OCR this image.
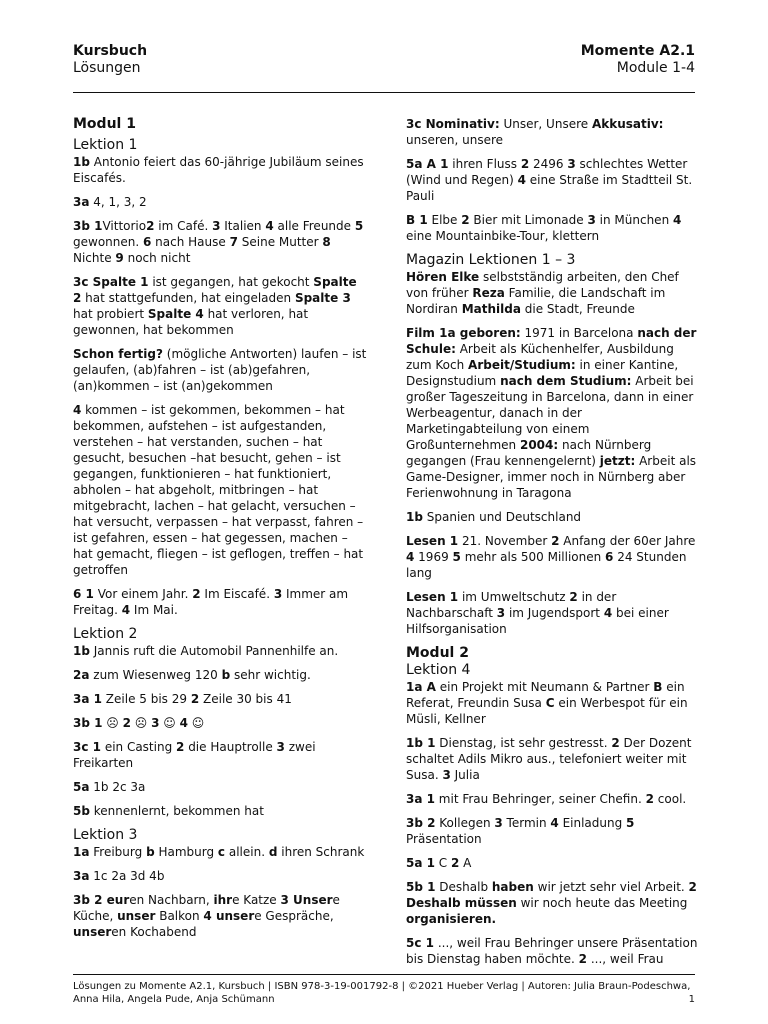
Kursbuch
Lösungen
Momente A2.1
Module 1-4
Modul 1
Lektion 1

1b Antonio feiert das 60-jährige Jubiläum seines Eiscafés.

3a 4, 1, 3, 2

3b 1Vittorio2 im Café. 3 Italien 4 alle Freunde 5 gewonnen. 6 nach Hause 7 Seine Mutter 8 Nichte 9 noch nicht

3c Spalte 1 ist gegangen, hat gekocht Spalte 2 hat stattgefunden, hat eingeladen Spalte 3 hat probiert Spalte 4 hat verloren, hat gewonnen, hat bekommen

Schon fertig? (mögliche Antworten) laufen – ist gelaufen, (ab)fahren – ist (ab)gefahren, (an)kommen – ist (an)gekommen

4 kommen – ist gekommen, bekommen – hat bekommen, aufstehen – ist aufgestanden, verstehen – hat verstanden, suchen – hat gesucht, besuchen –hat besucht, gehen – ist gegangen, funktionieren – hat funktioniert, abholen – hat abgeholt, mitbringen – hat mitgebracht, lachen – hat gelacht, versuchen – hat versucht, verpassen – hat verpasst, fahren – ist gefahren, essen – hat gegessen, machen – hat gemacht, fliegen – ist geflogen, treffen – hat getroffen

6 1 Vor einem Jahr. 2 Im Eiscafé. 3 Immer am Freitag. 4 Im Mai.

Lektion 2

1b Jannis ruft die Automobil Pannenhilfe an.

2a zum Wiesenweg 120 b sehr wichtig.

3a 1 Zeile 5 bis 29 2 Zeile 30 bis 41

3b 1 ☹ 2 ☹ 3 ☺ 4 ☺

3c 1 ein Casting 2 die Hauptrolle 3 zwei Freikarten

5a 1b 2c 3a

5b kennenlernt, bekommen hat

Lektion 3

1a Freiburg b Hamburg c allein. d ihren Schrank

3a 1c 2a 3d 4b

3b 2 euren Nachbarn, ihre Katze 3 Unsere Küche, unser Balkon 4 unsere Gespräche, unseren Kochabend

3c Nominativ: Unser, Unsere Akkusativ: unseren, unsere

5a A 1 ihren Fluss 2 2496 3 schlechtes Wetter (Wind und Regen) 4 eine Straße im Stadtteil St. Pauli

B 1 Elbe 2 Bier mit Limonade 3 in München 4 eine Mountainbike-Tour, klettern

Magazin Lektionen 1 – 3

Hören Elke selbstständig arbeiten, den Chef von früher Reza Familie, die Landschaft im Nordiran Mathilda die Stadt, Freunde

Film 1a geboren: 1971 in Barcelona nach der Schule: Arbeit als Küchenhelfer, Ausbildung zum Koch Arbeit/Studium: in einer Kantine, Designstudium nach dem Studium: Arbeit bei großer Tageszeitung in Barcelona, dann in einer Werbeagentur, danach in der Marketingabteilung von einem Großunternehmen 2004: nach Nürnberg gegangen (Frau kennengelernt) jetzt: Arbeit als Game-Designer, immer noch in Nürnberg aber Ferienwohnung in Taragona

1b Spanien und Deutschland

Lesen 1 21. November 2 Anfang der 60er Jahre 4 1969 5 mehr als 500 Millionen 6 24 Stunden lang

Lesen 1 im Umweltschutz 2 in der Nachbarschaft 3 im Jugendsport 4 bei einer Hilfsorganisation

Modul 2
Lektion 4

1a A ein Projekt mit Neumann & Partner B ein Referat, Freundin Susa C ein Werbespot für ein Müsli, Kellner

1b 1 Dienstag, ist sehr gestresst. 2 Der Dozent schaltet Adils Mikro aus., telefoniert weiter mit Susa. 3 Julia

3a 1 mit Frau Behringer, seiner Chefin. 2 cool.

3b 2 Kollegen 3 Termin 4 Einladung 5 Präsentation

5a 1 C 2 A

5b 1 Deshalb haben wir jetzt sehr viel Arbeit. 2 Deshalb müssen wir noch heute das Meeting organisieren.

5c 1 ..., weil Frau Behringer unsere Präsentation bis Dienstag haben möchte. 2 ..., weil Frau

Lösungen zu Momente A2.1, Kursbuch | ISBN 978-3-19-001792-8 | ©2021 Hueber Verlag | Autoren: Julia Braun-Podeschwa, Anna Hila, Angela Pude, Anja Schümann	1
